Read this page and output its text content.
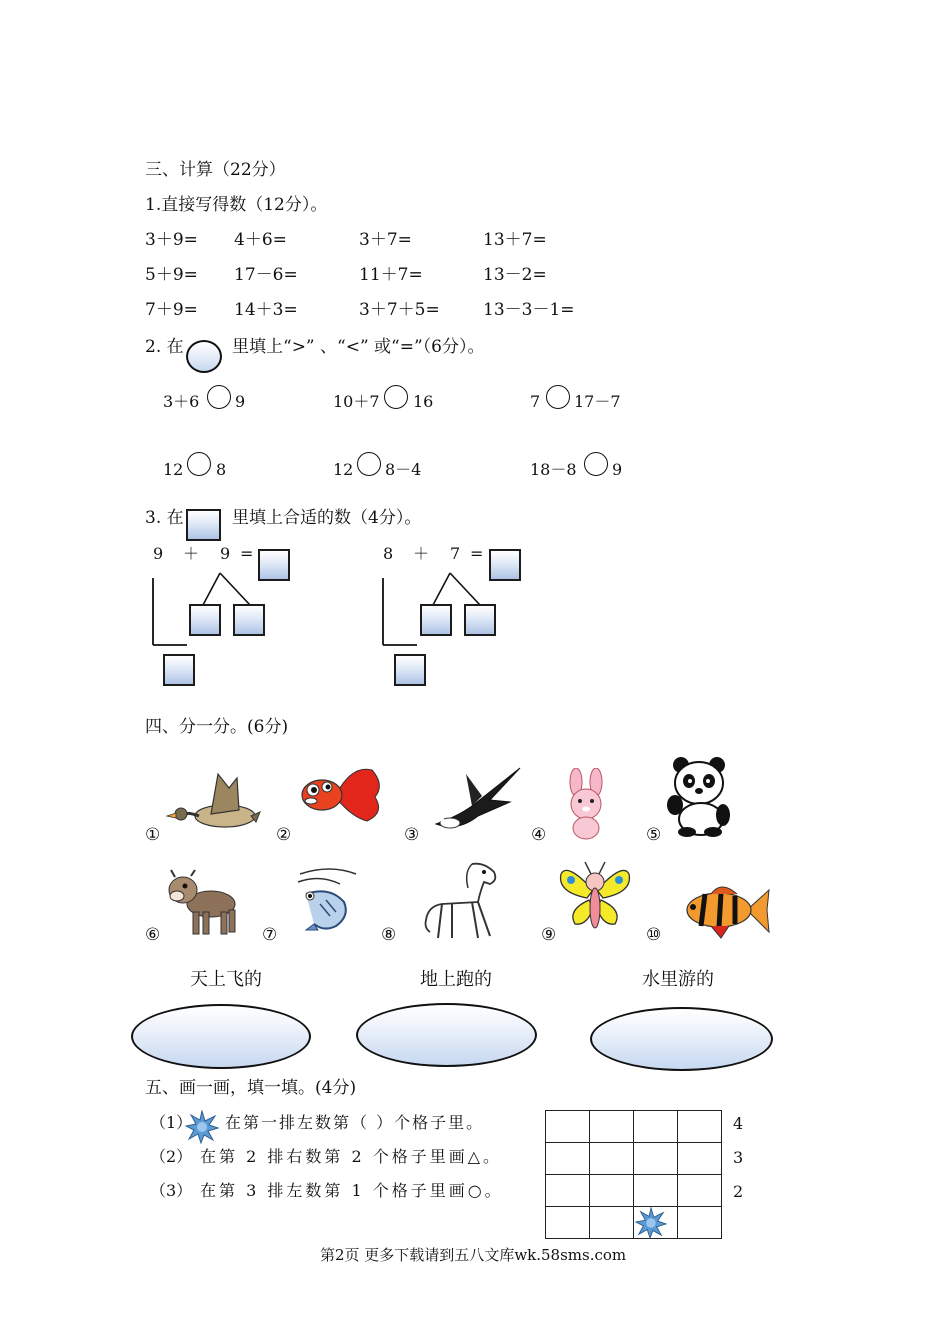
三、计算（22分）
1.直接写得数（12分）。
3＋9= 4＋6=	3＋7=	13＋7=
5＋9= 17－6=	11＋7=	13－2=
7＋9= 14＋3=	3＋7＋5=	13－3－1=
2. 在	里填上“>” 、“<” 或“=”（6分）。
3＋6 9	10＋7 16	7 17－7
12 8	12 8－4	18－8 9
3. 在	里填上合适的数（4分）。
9 ＋ 9 =	8 ＋ 7 =
四、分一分。(6分)
①	②	③	④	⑤
⑥	⑦	⑧	⑨	⑩
天上飞的	地上跑的	水里游的
五、画一画，填一填。(4分)
（1） 在第一排左数第（ ）个格子里。
（2） 在第 2 排右数第 2 个格子里画△。
（3） 在第 3 排左数第 1 个格子里画○。

4
3
2
第2页 更多下载请到五八文库wk.58sms.com
